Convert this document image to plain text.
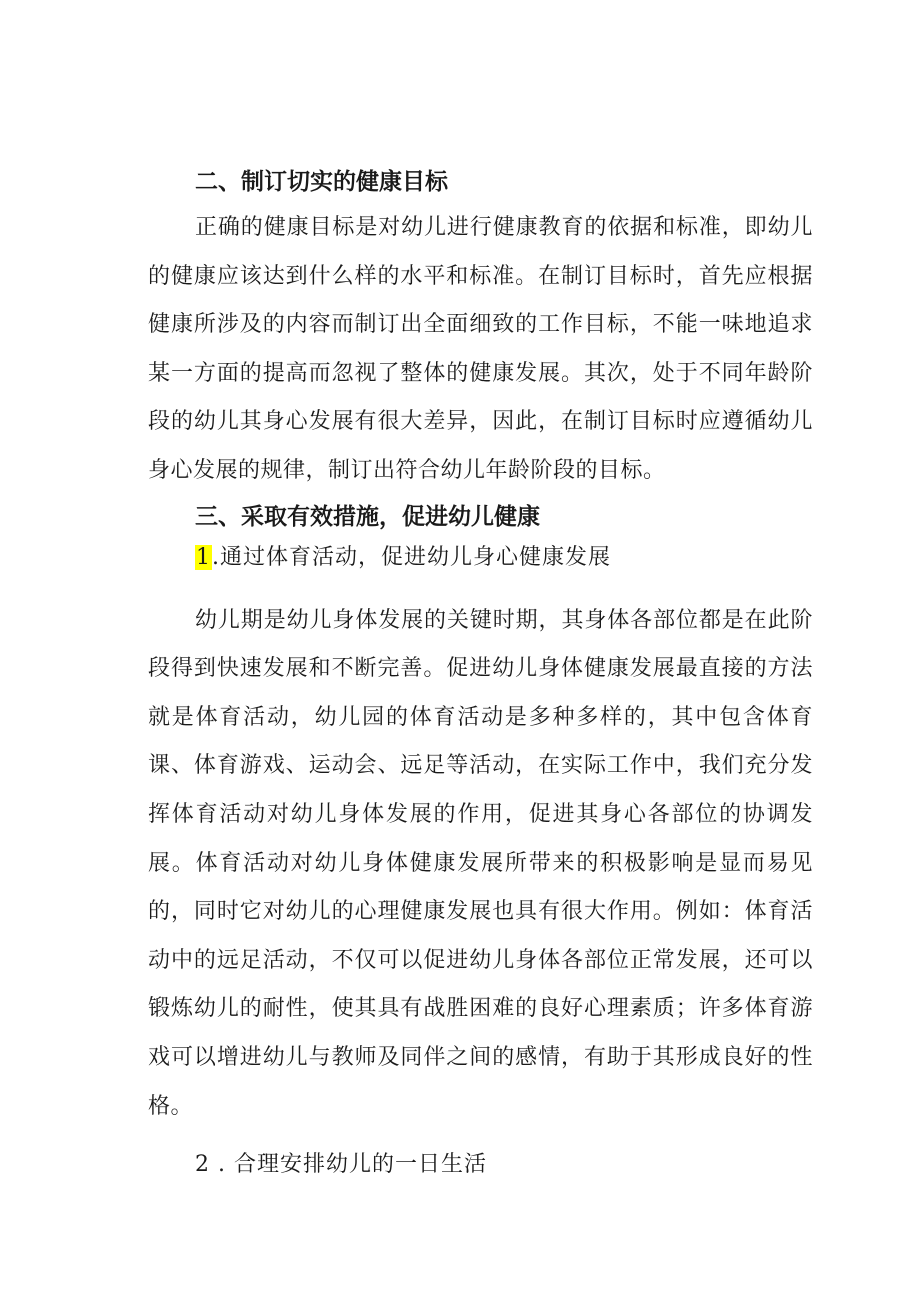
二、制订切实的健康目标

正确的健康目标是对幼儿进行健康教育的依据和标准，即幼儿的健康应该达到什么样的水平和标准。在制订目标时，首先应根据健康所涉及的内容而制订出全面细致的工作目标，不能一味地追求某一方面的提高而忽视了整体的健康发展。其次，处于不同年龄阶段的幼儿其身心发展有很大差异，因此，在制订目标时应遵循幼儿身心发展的规律，制订出符合幼儿年龄阶段的目标。

三、采取有效措施，促进幼儿健康

1.通过体育活动，促进幼儿身心健康发展

幼儿期是幼儿身体发展的关键时期，其身体各部位都是在此阶段得到快速发展和不断完善。促进幼儿身体健康发展最直接的方法就是体育活动，幼儿园的体育活动是多种多样的，其中包含体育课、体育游戏、运动会、远足等活动，在实际工作中，我们充分发挥体育活动对幼儿身体发展的作用，促进其身心各部位的协调发展。体育活动对幼儿身体健康发展所带来的积极影响是显而易见的，同时它对幼儿的心理健康发展也具有很大作用。例如：体育活动中的远足活动，不仅可以促进幼儿身体各部位正常发展，还可以锻炼幼儿的耐性，使其具有战胜困难的良好心理素质；许多体育游戏可以增进幼儿与教师及同伴之间的感情，有助于其形成良好的性格。

2 . 合理安排幼儿的一日生活
